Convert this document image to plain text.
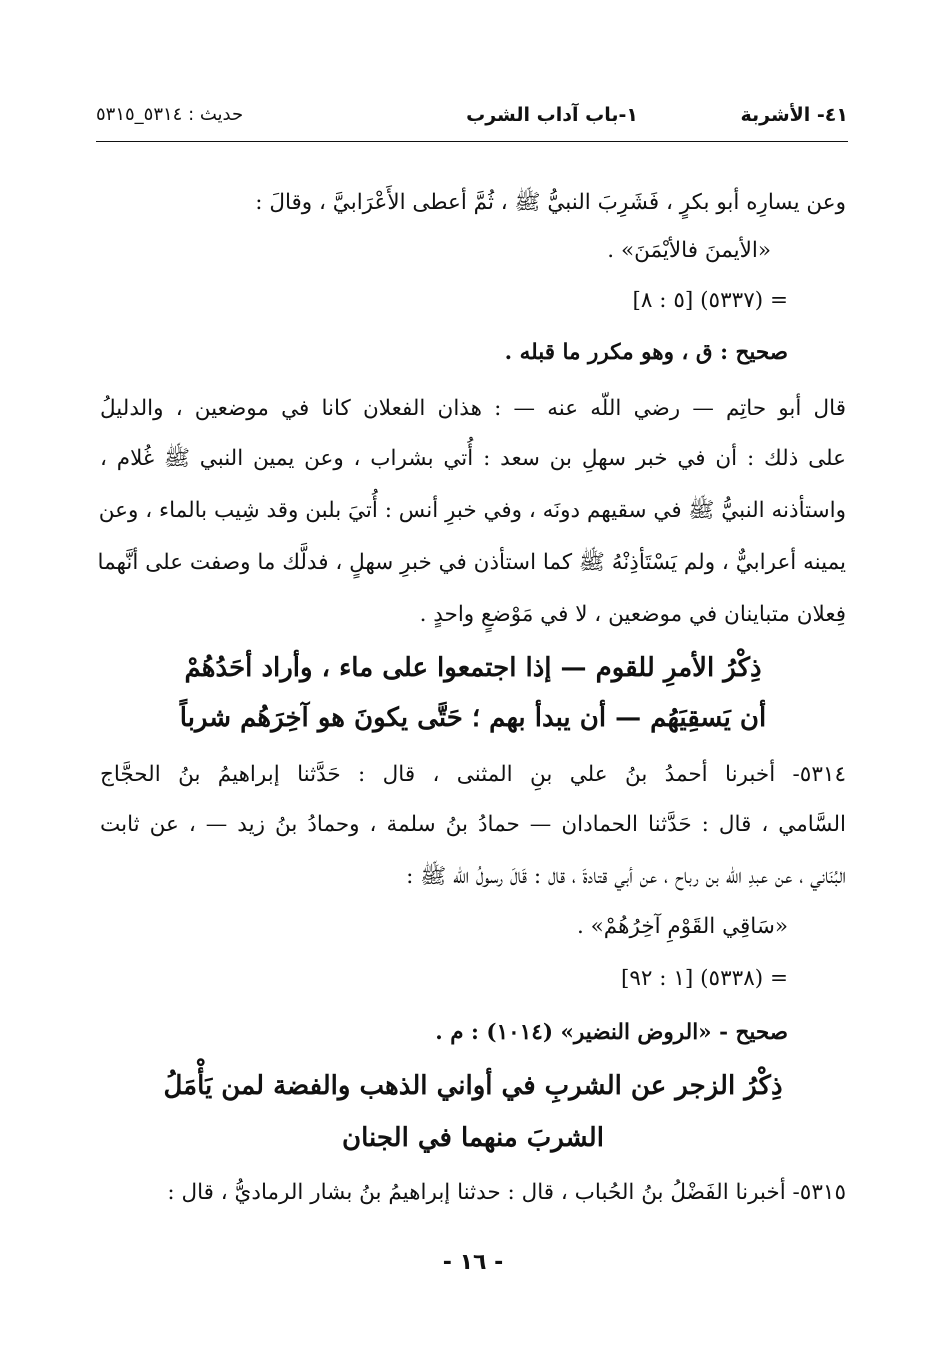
٤١- الأشربة
١-باب آداب الشرب
حديث : ٥٣١٤_٥٣١٥
وعن يسارِه أبو بكرٍ ، فَشَرِبَ النبيُّ ﷺ ، ثُمَّ أعطى الأَعْرَابيَّ ، وقالَ :
«الأيمنَ فالأيْمَنَ» .
= (٥٣٣٧) [٥ : ٨]
صحيح : ق ، وهو مكرر ما قبله .
قال أبو حاتِم — رضي اللّه عنه — : هذان الفعلان كانا في موضعين ، والدليلُ
على ذلك : أن في خبر سهلِ بن سعد : أُتي بشراب ، وعن يمين النبي ﷺ غُلام ،
واستأذنه النبيُّ ﷺ في سقيهم دونَه ، وفي خبرِ أنس : أُتيَ بلبن وقد شِيب بالماء ، وعن
يمينه أعرابيٌّ ، ولم يَسْتَأذِنْهُ ﷺ كما استأذن في خبرِ سهلٍ ، فدلَّك ما وصفت على أنَّهما
فِعلان متباينان في موضعين ، لا في مَوْضعٍ واحدٍ .
ذِكْرُ الأمرِ للقوم — إذا اجتمعوا على ماء ، وأراد أحَدُهُمْ
أن يَسقِيَهُم — أن يبدأ بهم ؛ حَتَّى يكونَ هو آخِرَهُم شرباً
٥٣١٤- أخبرنا أحمدُ بنُ علي بنِ المثنى ، قال : حَدَّثنا إبراهيمُ بنُ الحجَّاج
السَّامي ، قال : حَدَّثنا الحمادان — حمادُ بنُ سلمة ، وحمادُ بنُ زيد — ، عن ثابت
البُنَاني ، عن عبدِ اللّه بن رباح ، عن أبي قتادةَ ، قال : قَالَ رسولُ اللّه ﷺ :
«سَاقِي القَوْمِ آخِرُهُمْ» .
= (٥٣٣٨) [١ : ٩٢]
صحيح - «الروض النضير» (١٠١٤) : م .
ذِكْرُ الزجر عن الشربِ في أواني الذهب والفضة لمن يَأْمَلُ
الشربَ منهما في الجنان
٥٣١٥- أخبرنا الفَضْلُ بنُ الحُباب ، قال : حدثنا إبراهيمُ بنُ بشار الرماديُّ ، قال :
- ١٦ -
